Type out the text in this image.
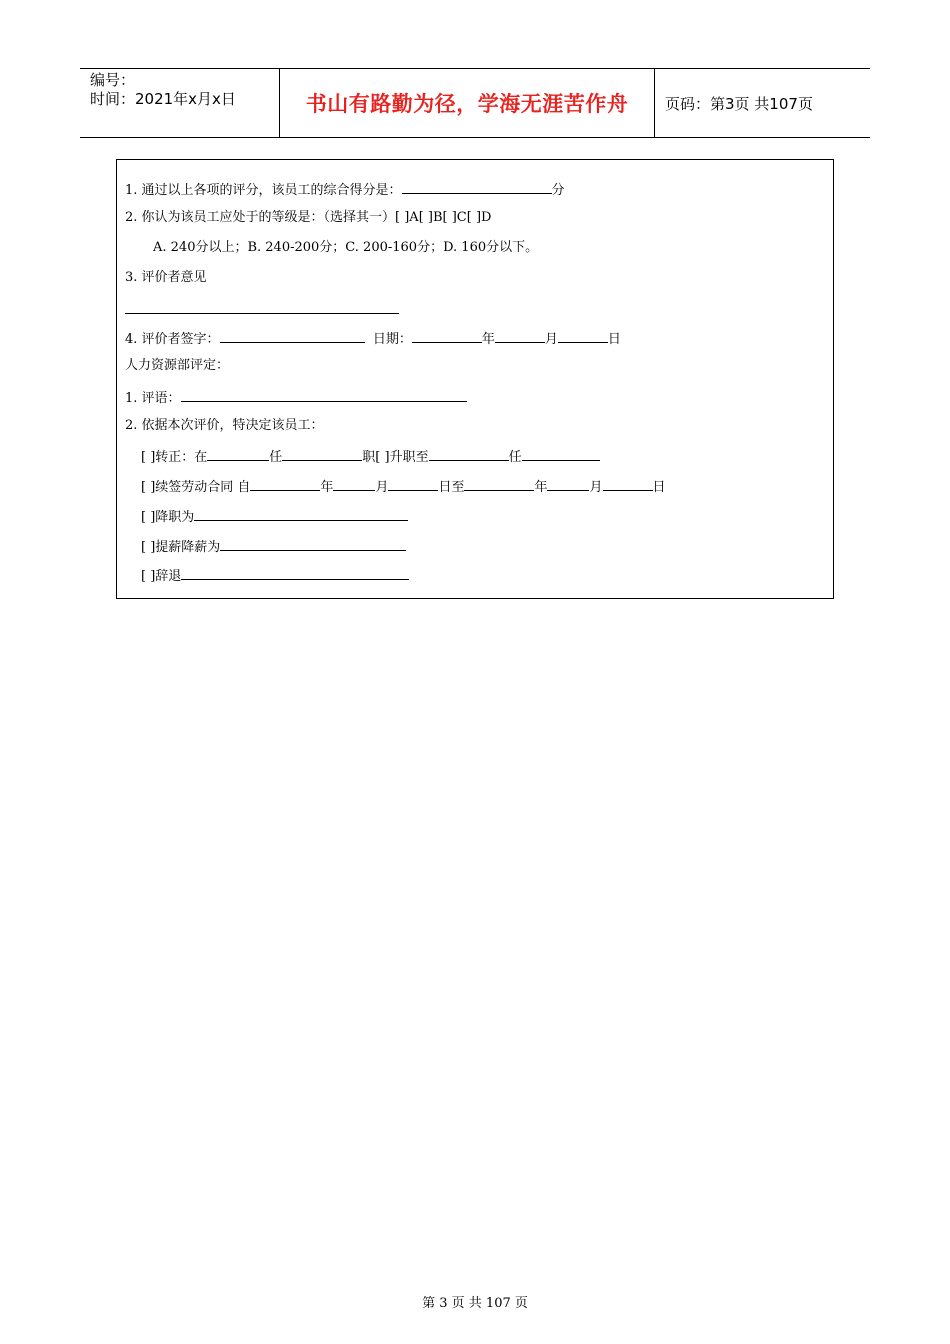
编号：
时间：2021年x月x日	书山有路勤为径，学海无涯苦作舟	页码：第3页 共107页
1. 通过以上各项的评分，该员工的综合得分是：	分
2. 你认为该员工应处于的等级是：（选择其一）[ ]A[ ]B[ ]C[ ]D
A. 240分以上；B. 240-200分；C. 200-160分；D. 160分以下。
3. 评价者意见
4. 评价者签字：	日期：	年	月	日
人力资源部评定：
1. 评语：
2. 依据本次评价，特决定该员工：
[ ]转正：在	任	职[ ]升职至	任
[ ]续签劳动合同 自	年	月	日至	年	月	日
[ ]降职为
[ ]提薪降薪为
[ ]辞退
第 3 页 共 107 页
